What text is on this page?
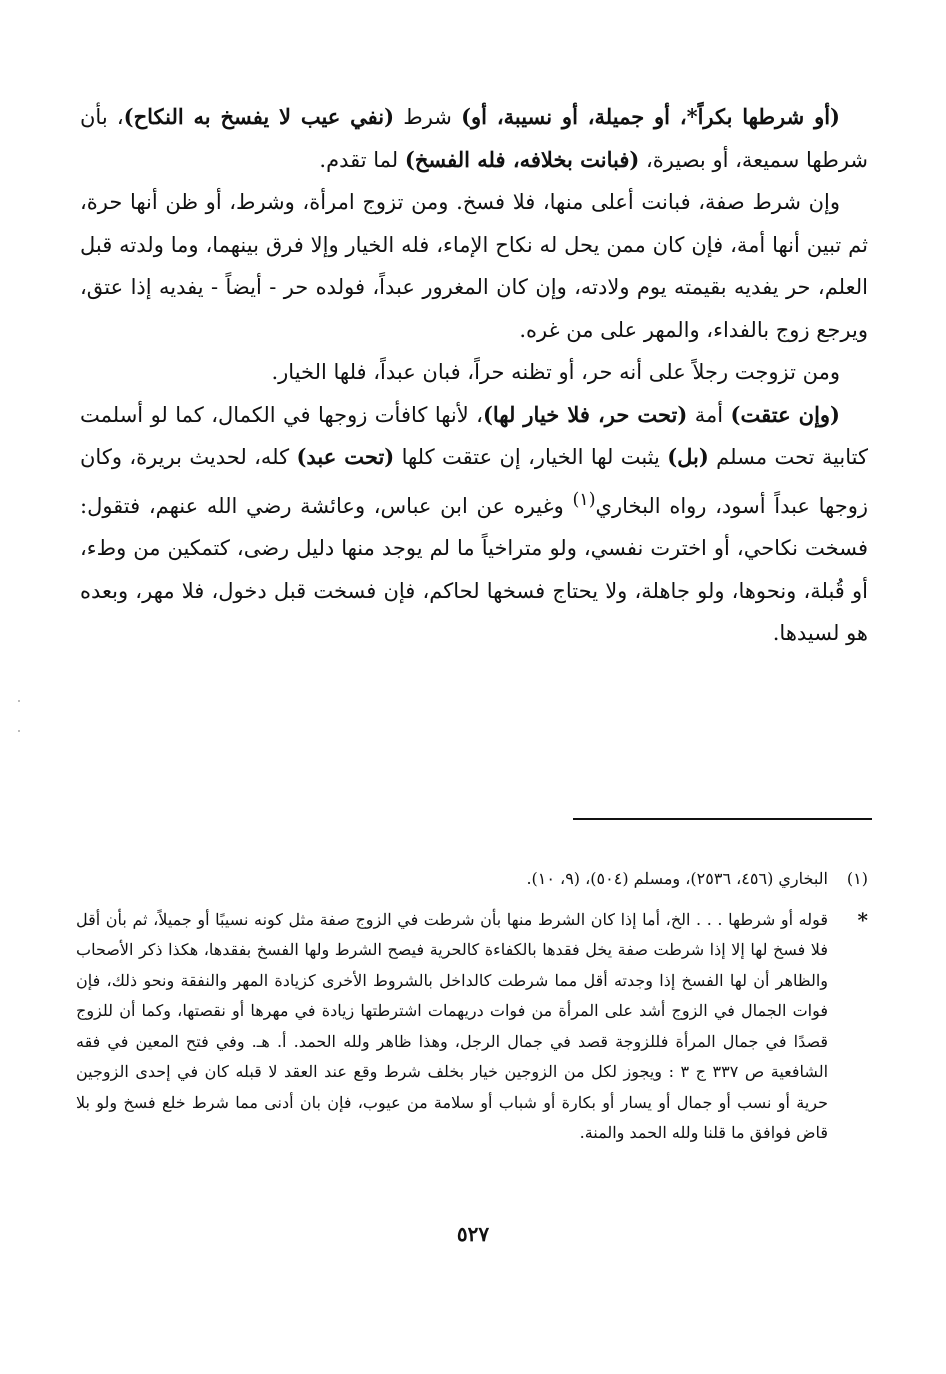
(أو شرطها بكراً*، أو جميلة، أو نسيبة، أو) شرط (نفي عيب لا يفسخ به النكاح)، بأن شرطها سميعة، أو بصيرة، (فبانت بخلافه، فله الفسخ) لما تقدم.

وإن شرط صفة، فبانت أعلى منها، فلا فسخ. ومن تزوج امرأة، وشرط، أو ظن أنها حرة، ثم تبين أنها أمة، فإن كان ممن يحل له نكاح الإماء، فله الخيار وإلا فرق بينهما، وما ولدته قبل العلم، حر يفديه بقيمته يوم ولادته، وإن كان المغرور عبداً، فولده حر - أيضاً - يفديه إذا عتق، ويرجع زوج بالفداء، والمهر على من غره.

ومن تزوجت رجلاً على أنه حر، أو تظنه حراً، فبان عبداً، فلها الخيار.

(وإن عتقت) أمة (تحت حر، فلا خيار لها)، لأنها كافأت زوجها في الكمال، كما لو أسلمت كتابية تحت مسلم (بل) يثبت لها الخيار، إن عتقت كلها (تحت عبد) كله، لحديث بريرة، وكان زوجها عبداً أسود، رواه البخاري$^{(١)}$ وغيره عن ابن عباس، وعائشة رضي الله عنهم، فتقول: فسخت نكاحي، أو اخترت نفسي، ولو متراخياً ما لم يوجد منها دليل رضى، كتمكين من وطء، أو قُبلة، ونحوها، ولو جاهلة، ولا يحتاج فسخها لحاكم، فإن فسخت قبل دخول، فلا مهر، وبعده هو لسيدها.

(١)
البخاري (٤٥٦، ٢٥٣٦)، ومسلم (٥٠٤)، (٩، ١٠).
*
قوله أو شرطها . . . الخ، أما إذا كان الشرط منها بأن شرطت في الزوج صفة مثل كونه نسيبًا أو جميلاً، ثم بأن أقل فلا فسخ لها إلا إذا شرطت صفة يخل فقدها بالكفاءة كالحرية فيصح الشرط ولها الفسخ بفقدها، هكذا ذكر الأصحاب والظاهر أن لها الفسخ إذا وجدته أقل مما شرطت كالداخل بالشروط الأخرى كزيادة المهر والنفقة ونحو ذلك، فإن فوات الجمال في الزوج أشد على المرأة من فوات دريهمات اشترطتها زيادة في مهرها أو نقصتها، وكما أن للزوج قصدًا في جمال المرأة فللزوجة قصد في جمال الرجل، وهذا ظاهر ولله الحمد. أ. هـ. وفي فتح المعين في فقه الشافعية ص ٣٣٧ ج ٣ : ويجوز لكل من الزوجين خيار بخلف شرط وقع عند العقد لا قبله كان في إحدى الزوجين حرية أو نسب أو جمال أو يسار أو بكارة أو شباب أو سلامة من عيوب، فإن بان أدنى مما شرط خلع فسخ ولو بلا قاض فوافق ما قلنا ولله الحمد والمنة.
٥٢٧
